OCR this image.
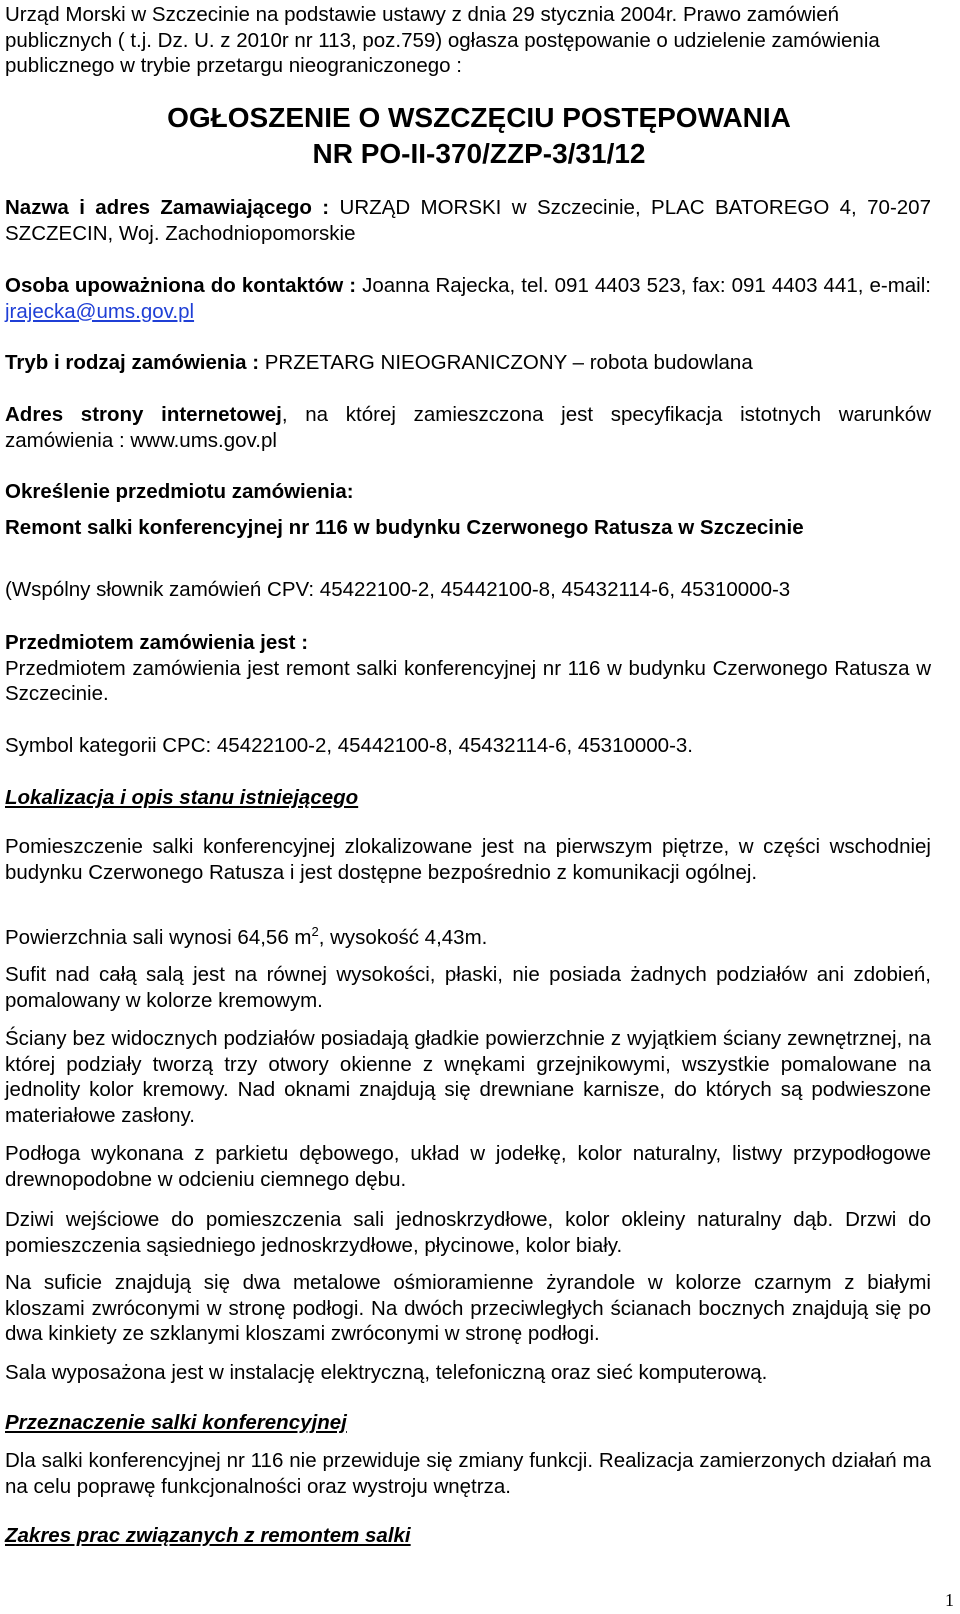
Urząd Morski w Szczecinie na podstawie ustawy z dnia 29 stycznia 2004r. Prawo zamówień publicznych ( t.j. Dz. U. z 2010r nr 113, poz.759) ogłasza postępowanie o udzielenie zamówienia publicznego w trybie przetargu nieograniczonego :

OGŁOSZENIE O WSZCZĘCIU POSTĘPOWANIA
NR PO-II-370/ZZP-3/31/12

Nazwa i adres Zamawiającego : URZĄD MORSKI w Szczecinie, PLAC BATOREGO 4, 70-207 SZCZECIN, Woj. Zachodniopomorskie

Osoba upoważniona do kontaktów : Joanna Rajecka, tel. 091 4403 523, fax: 091 4403 441, e-mail: jrajecka@ums.gov.pl

Tryb i rodzaj zamówienia : PRZETARG NIEOGRANICZONY – robota budowlana

Adres strony internetowej, na której zamieszczona jest specyfikacja istotnych warunków zamówienia : www.ums.gov.pl

Określenie przedmiotu zamówienia:

Remont salki konferencyjnej nr 116 w budynku Czerwonego Ratusza w Szczecinie

(Wspólny słownik zamówień CPV: 45422100-2, 45442100-8, 45432114-6, 45310000-3

Przedmiotem zamówienia jest :

Przedmiotem zamówienia jest remont salki konferencyjnej nr 116 w budynku Czerwonego Ratusza w Szczecinie.

Symbol kategorii CPC: 45422100-2, 45442100-8, 45432114-6, 45310000-3.

Lokalizacja i opis stanu istniejącego

Pomieszczenie salki konferencyjnej zlokalizowane jest na pierwszym piętrze, w części wschodniej budynku Czerwonego Ratusza i jest dostępne bezpośrednio z komunikacji ogólnej.

Powierzchnia sali wynosi 64,56 $m^2$, wysokość 4,43m.

Sufit nad całą salą jest na równej wysokości, płaski, nie posiada żadnych podziałów ani zdobień, pomalowany w kolorze kremowym.

Ściany bez widocznych podziałów posiadają gładkie powierzchnie z wyjątkiem ściany zewnętrznej, na której podziały tworzą trzy otwory okienne z wnękami grzejnikowymi, wszystkie pomalowane na jednolity kolor kremowy. Nad oknami znajdują się drewniane karnisze, do których są podwieszone materiałowe zasłony.

Podłoga wykonana z parkietu dębowego, układ w jodełkę, kolor naturalny, listwy przypodłogowe drewnopodobne w odcieniu ciemnego dębu.

Dziwi wejściowe do pomieszczenia sali jednoskrzydłowe, kolor okleiny naturalny dąb. Drzwi do pomieszczenia sąsiedniego jednoskrzydłowe, płycinowe, kolor biały.

Na suficie znajdują się dwa metalowe ośmioramienne żyrandole w kolorze czarnym z białymi kloszami zwróconymi w stronę podłogi. Na dwóch przeciwległych ścianach bocznych znajdują się po dwa kinkiety ze szklanymi kloszami zwróconymi w stronę podłogi.

Sala wyposażona jest w instalację elektryczną, telefoniczną oraz sieć komputerową.

Przeznaczenie salki konferencyjnej

Dla salki konferencyjnej nr 116 nie przewiduje się zmiany funkcji. Realizacja zamierzonych działań ma na celu poprawę funkcjonalności oraz wystroju wnętrza.

Zakres prac związanych z remontem salki

1
